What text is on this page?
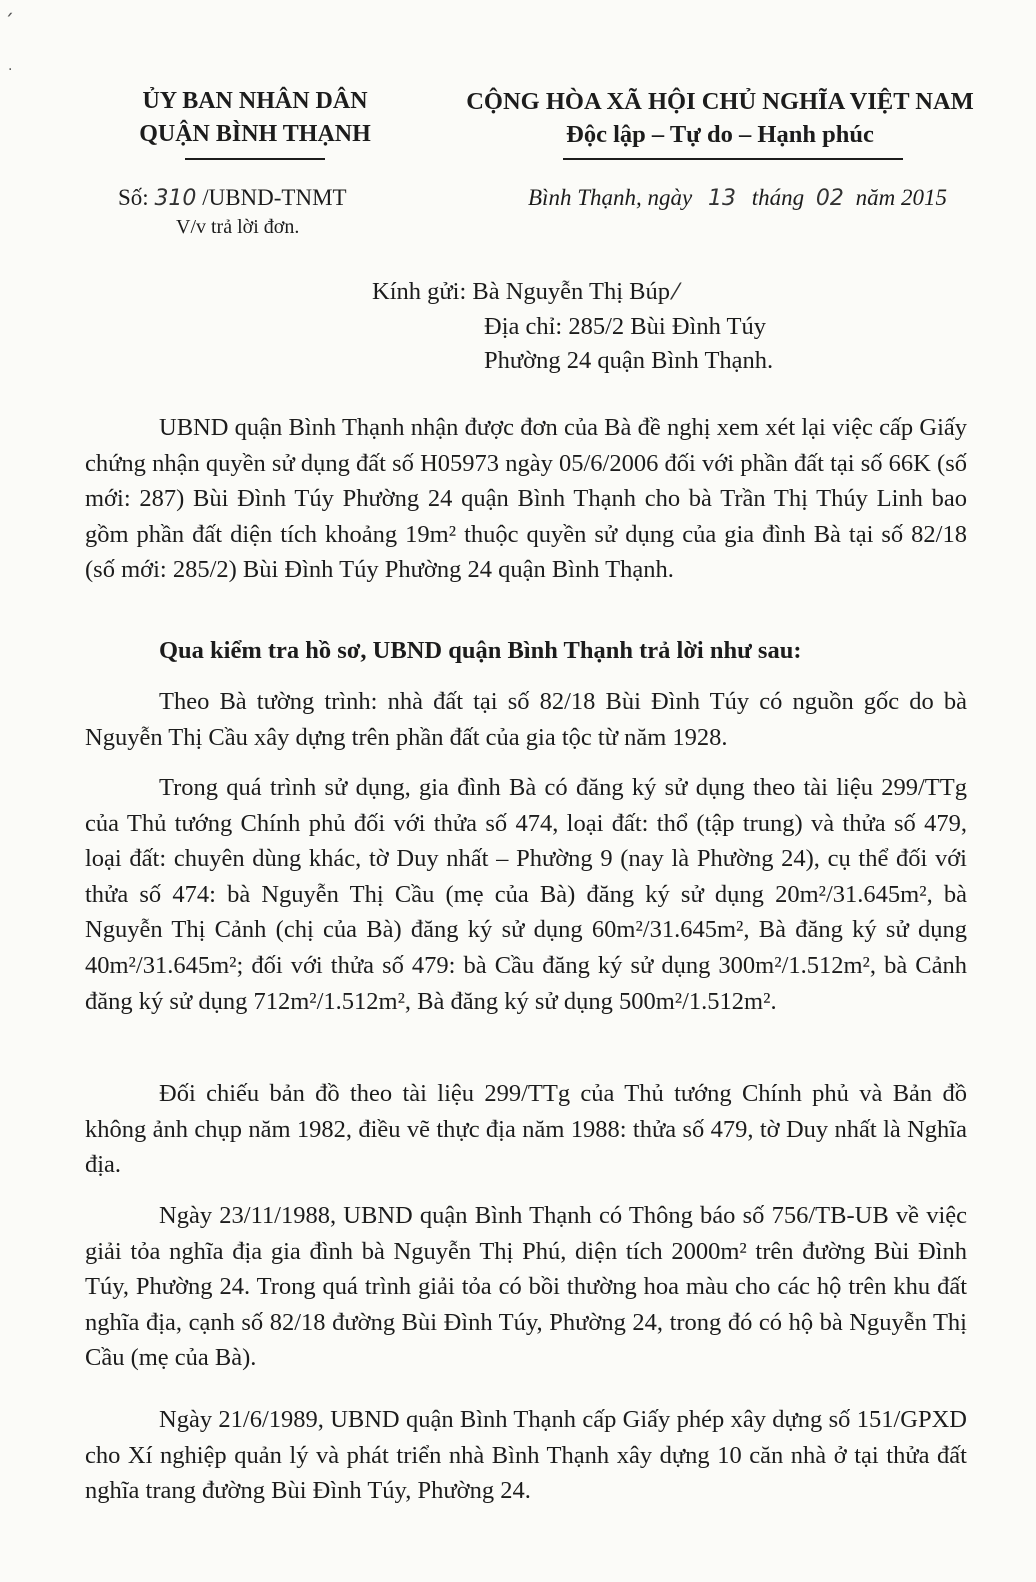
ˊ
·
ỦY BAN NHÂN DÂN
QUẬN BÌNH THẠNH
CỘNG HÒA XÃ HỘI CHỦ NGHĨA VIỆT NAM
Độc lập – Tự do – Hạnh phúc
Số: 310 /UBND-TNMT
V/v trả lời đơn.
Bình Thạnh, ngày 13 tháng 02 năm 2015
Kính gửi: Bà Nguyễn Thị Búp ⁄
Địa chỉ: 285/2 Bùi Đình Túy
Phường 24 quận Bình Thạnh.

UBND quận Bình Thạnh nhận được đơn của Bà đề nghị xem xét lại việc cấp Giấy chứng nhận quyền sử dụng đất số H05973 ngày 05/6/2006 đối với phần đất tại số 66K (số mới: 287) Bùi Đình Túy Phường 24 quận Bình Thạnh cho bà Trần Thị Thúy Linh bao gồm phần đất diện tích khoảng 19m² thuộc quyền sử dụng của gia đình Bà tại số 82/18 (số mới: 285/2) Bùi Đình Túy Phường 24 quận Bình Thạnh.

Qua kiểm tra hồ sơ, UBND quận Bình Thạnh trả lời như sau:

Theo Bà tường trình: nhà đất tại số 82/18 Bùi Đình Túy có nguồn gốc do bà Nguyễn Thị Cầu xây dựng trên phần đất của gia tộc từ năm 1928.

Trong quá trình sử dụng, gia đình Bà có đăng ký sử dụng theo tài liệu 299/TTg của Thủ tướng Chính phủ đối với thửa số 474, loại đất: thổ (tập trung) và thửa số 479, loại đất: chuyên dùng khác, tờ Duy nhất – Phường 9 (nay là Phường 24), cụ thể đối với thửa số 474: bà Nguyễn Thị Cầu (mẹ của Bà) đăng ký sử dụng 20m²/31.645m², bà Nguyễn Thị Cảnh (chị của Bà) đăng ký sử dụng 60m²/31.645m², Bà đăng ký sử dụng 40m²/31.645m²; đối với thửa số 479: bà Cầu đăng ký sử dụng 300m²/1.512m², bà Cảnh đăng ký sử dụng 712m²/1.512m², Bà đăng ký sử dụng 500m²/1.512m².

Đối chiếu bản đồ theo tài liệu 299/TTg của Thủ tướng Chính phủ và Bản đồ không ảnh chụp năm 1982, điều vẽ thực địa năm 1988: thửa số 479, tờ Duy nhất là Nghĩa địa.

Ngày 23/11/1988, UBND quận Bình Thạnh có Thông báo số 756/TB-UB về việc giải tỏa nghĩa địa gia đình bà Nguyễn Thị Phú, diện tích 2000m² trên đường Bùi Đình Túy, Phường 24. Trong quá trình giải tỏa có bồi thường hoa màu cho các hộ trên khu đất nghĩa địa, cạnh số 82/18 đường Bùi Đình Túy, Phường 24, trong đó có hộ bà Nguyễn Thị Cầu (mẹ của Bà).

Ngày 21/6/1989, UBND quận Bình Thạnh cấp Giấy phép xây dựng số 151/GPXD cho Xí nghiệp quản lý và phát triển nhà Bình Thạnh xây dựng 10 căn nhà ở tại thửa đất nghĩa trang đường Bùi Đình Túy, Phường 24.
